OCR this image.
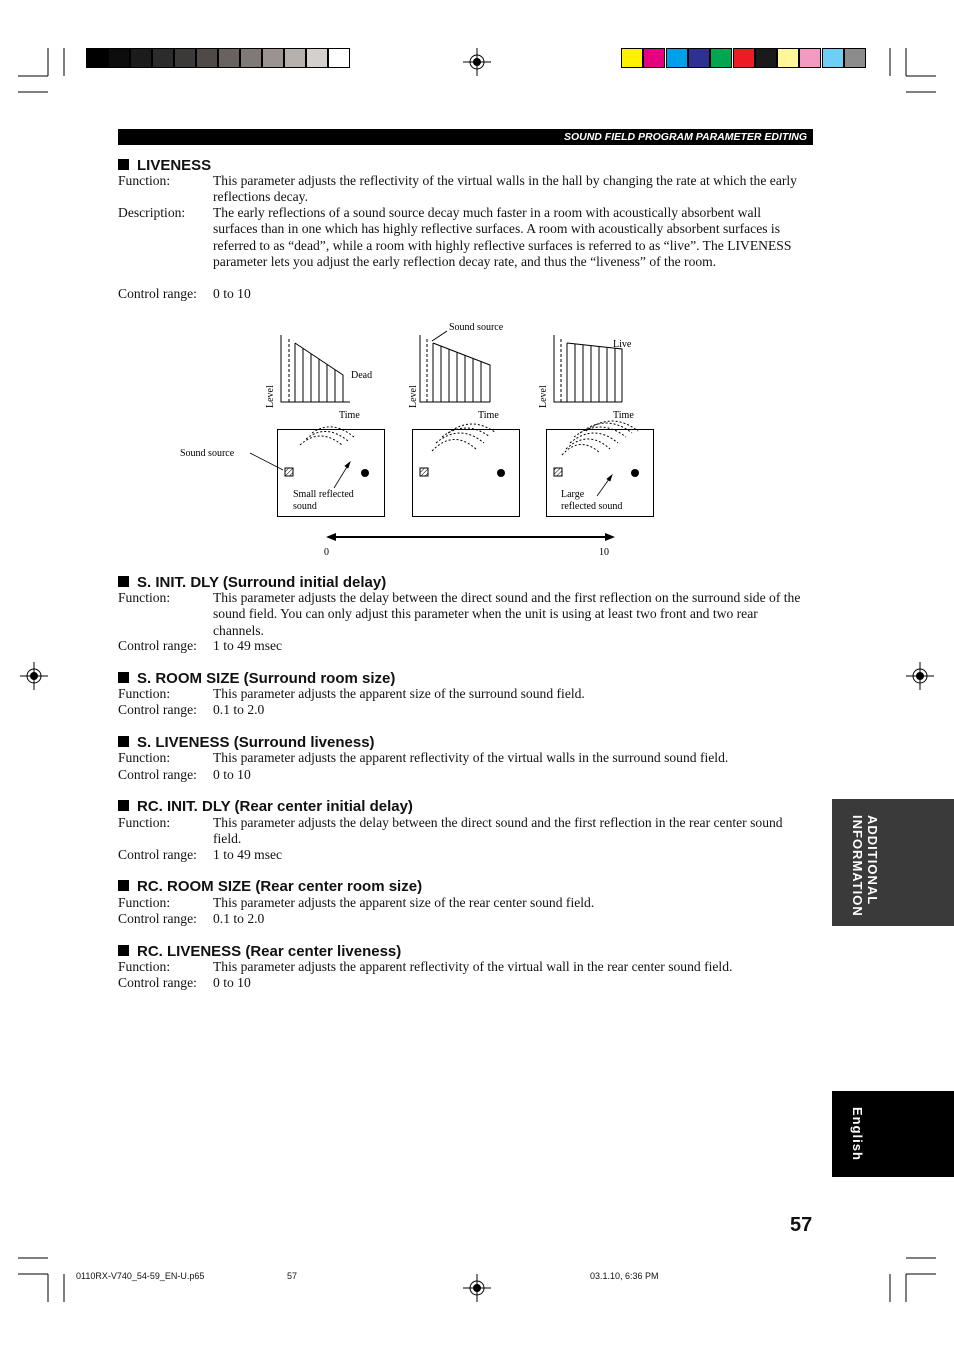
SOUND FIELD PROGRAM PARAMETER EDITING
LIVENESS
Function:	This parameter adjusts the reflectivity of the virtual walls in the hall by changing the rate at which the early reflections decay.
Description: The early reflections of a sound source decay much faster in a room with acoustically absorbent wall surfaces than in one which has highly reflective surfaces. A room with acoustically absorbent surfaces is referred to as “dead”, while a room with highly reflective surfaces is referred to as “live”. The LIVENESS parameter lets you adjust the early reflection decay rate, and thus the “liveness” of the room.
Control range: 0 to 10
Level	Level	Level
Time	Time	Time
Dead
Live
Sound source
Sound source
Small reflected
sound
Large
reflected sound
0	10
S. INIT. DLY (Surround initial delay)
Function:	This parameter adjusts the delay between the direct sound and the first reflection on the surround side of the sound field. You can only adjust this parameter when the unit is using at least two front and two rear channels.
Control range: 1 to 49 msec
S. ROOM SIZE (Surround room size)
Function:	This parameter adjusts the apparent size of the surround sound field.
Control range: 0.1 to 2.0
S. LIVENESS (Surround liveness)
Function:	This parameter adjusts the apparent reflectivity of the virtual walls in the surround sound field.
Control range: 0 to 10
RC. INIT. DLY (Rear center initial delay)
Function:	This parameter adjusts the delay between the direct sound and the first reflection in the rear center sound field.
Control range: 1 to 49 msec
RC. ROOM SIZE (Rear center room size)
Function:	This parameter adjusts the apparent size of the rear center sound field.
Control range: 0.1 to 2.0
RC. LIVENESS (Rear center liveness)
Function:	This parameter adjusts the apparent reflectivity of the virtual wall in the rear center sound field.
Control range: 0 to 10
ADDITIONAL INFORMATION
English
57
0110RX-V740_54-59_EN-U.p65	57	03.1.10, 6:36 PM
